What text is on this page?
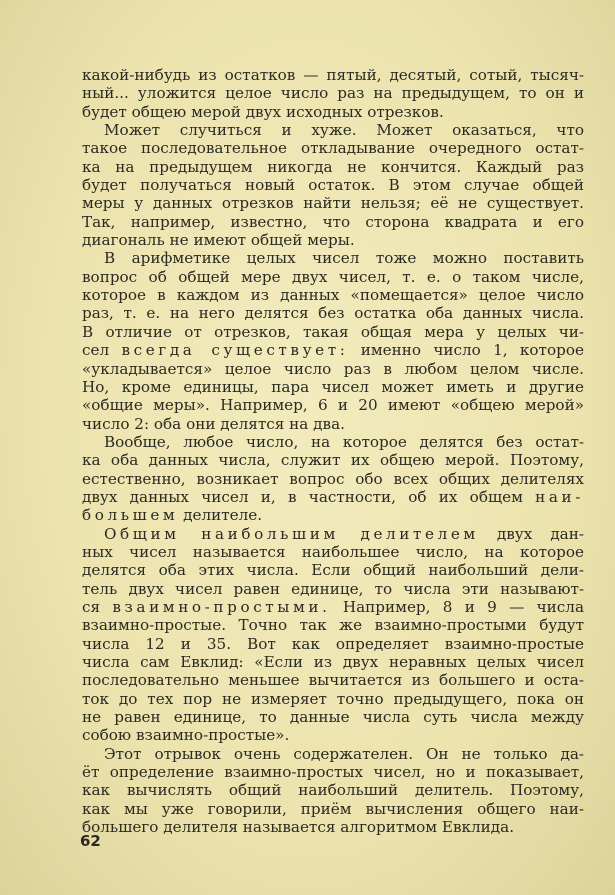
какой-нибудь из остатков — пятый, десятый, сотый, тысяч-
ный... уложится целое число раз на предыдущем, то он и
будет общею мерой двух исходных отрезков.
Может случиться и хуже. Может оказаться, что
такое последовательное откладывание очередного остат-
ка на предыдущем никогда не кончится. Каждый раз
будет получаться новый остаток. В этом случае общей
меры у данных отрезков найти нельзя; её не существует.
Так, например, известно, что сторона квадрата и его
диагональ не имеют общей меры.
В арифметике целых чисел тоже можно поставить
вопрос об общей мере двух чисел, т. е. о таком числе,
которое в каждом из данных «помещается» целое число
раз, т. е. на него делятся без остатка оба данных числа.
В отличие от отрезков, такая общая мера у целых чи-
сел всегда существует: именно число 1, которое
«укладывается» целое число раз в любом целом числе.
Но, кроме единицы, пара чисел может иметь и другие
«общие меры». Например, 6 и 20 имеют «общею мерой»
число 2: оба они делятся на два.
Вообще, любое число, на которое делятся без остат-
ка оба данных числа, служит их общею мерой. Поэтому,
естественно, возникает вопрос обо всех общих делителях
двух данных чисел и, в частности, об их общем наи-
большем делителе.
Общим наибольшим делителем двух дан-
ных чисел называется наибольшее число, на которое
делятся оба этих числа. Если общий наибольший дели-
тель двух чисел равен единице, то числа эти называют-
ся взаимно-простыми. Например, 8 и 9 — числа
взаимно-простые. Точно так же взаимно-простыми будут
числа 12 и 35. Вот как определяет взаимно-простые
числа сам Евклид: «Если из двух неравных целых чисел
последовательно меньшее вычитается из большего и оста-
ток до тех пор не измеряет точно предыдущего, пока он
не равен единице, то данные числа суть числа между
собою взаимно-простые».
Этот отрывок очень содержателен. Он не только да-
ёт определение взаимно-простых чисел, но и показывает,
как вычислять общий наибольший делитель. Поэтому,
как мы уже говорили, приём вычисления общего наи-
большего делителя называется алгоритмом Евклида.
62
